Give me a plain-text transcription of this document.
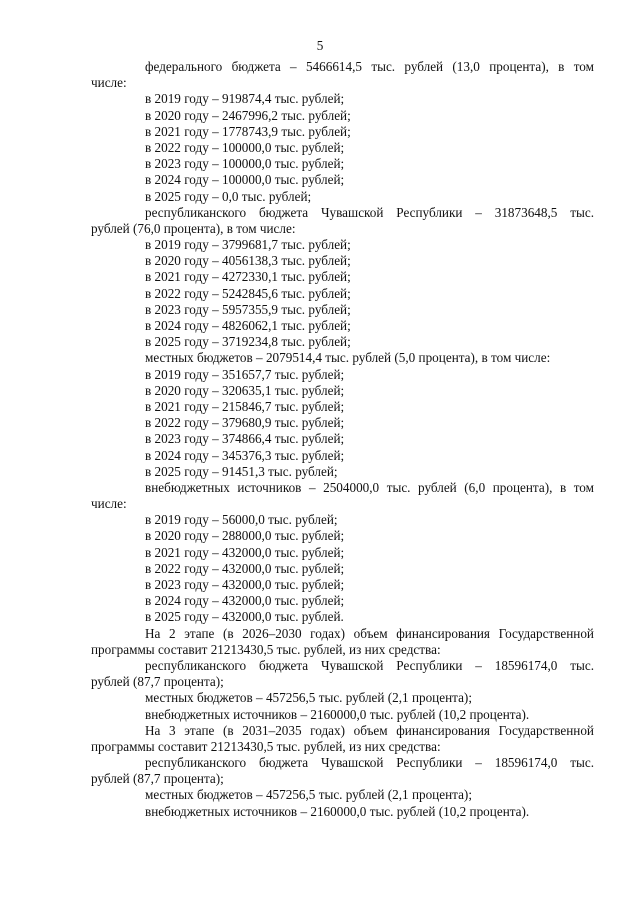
5
федерального бюджета – 5466614,5 тыс. рублей (13,0 процента), в том
числе:
в 2019 году – 919874,4 тыс. рублей;
в 2020 году – 2467996,2 тыс. рублей;
в 2021 году – 1778743,9 тыс. рублей;
в 2022 году – 100000,0 тыс. рублей;
в 2023 году – 100000,0 тыс. рублей;
в 2024 году – 100000,0 тыс. рублей;
в 2025 году – 0,0 тыс. рублей;
республиканского бюджета Чувашской Республики – 31873648,5 тыс.
рублей (76,0 процента), в том числе:
в 2019 году – 3799681,7 тыс. рублей;
в 2020 году – 4056138,3 тыс. рублей;
в 2021 году – 4272330,1 тыс. рублей;
в 2022 году – 5242845,6 тыс. рублей;
в 2023 году – 5957355,9 тыс. рублей;
в 2024 году – 4826062,1 тыс. рублей;
в 2025 году – 3719234,8 тыс. рублей;
местных бюджетов – 2079514,4 тыс. рублей (5,0 процента), в том числе:
в 2019 году – 351657,7 тыс. рублей;
в 2020 году – 320635,1 тыс. рублей;
в 2021 году – 215846,7 тыс. рублей;
в 2022 году – 379680,9 тыс. рублей;
в 2023 году – 374866,4 тыс. рублей;
в 2024 году – 345376,3 тыс. рублей;
в 2025 году – 91451,3 тыс. рублей;
внебюджетных источников – 2504000,0 тыс. рублей (6,0 процента), в том
числе:
в 2019 году – 56000,0 тыс. рублей;
в 2020 году – 288000,0 тыс. рублей;
в 2021 году – 432000,0 тыс. рублей;
в 2022 году – 432000,0 тыс. рублей;
в 2023 году – 432000,0 тыс. рублей;
в 2024 году – 432000,0 тыс. рублей;
в 2025 году – 432000,0 тыс. рублей.
На 2 этапе (в 2026–2030 годах) объем финансирования Государственной
программы составит 21213430,5 тыс. рублей, из них средства:
республиканского бюджета Чувашской Республики – 18596174,0 тыс.
рублей (87,7 процента);
местных бюджетов – 457256,5 тыс. рублей (2,1 процента);
внебюджетных источников – 2160000,0 тыс. рублей (10,2 процента).
На 3 этапе (в 2031–2035 годах) объем финансирования Государственной
программы составит 21213430,5 тыс. рублей, из них средства:
республиканского бюджета Чувашской Республики – 18596174,0 тыс.
рублей (87,7 процента);
местных бюджетов – 457256,5 тыс. рублей (2,1 процента);
внебюджетных источников – 2160000,0 тыс. рублей (10,2 процента).
